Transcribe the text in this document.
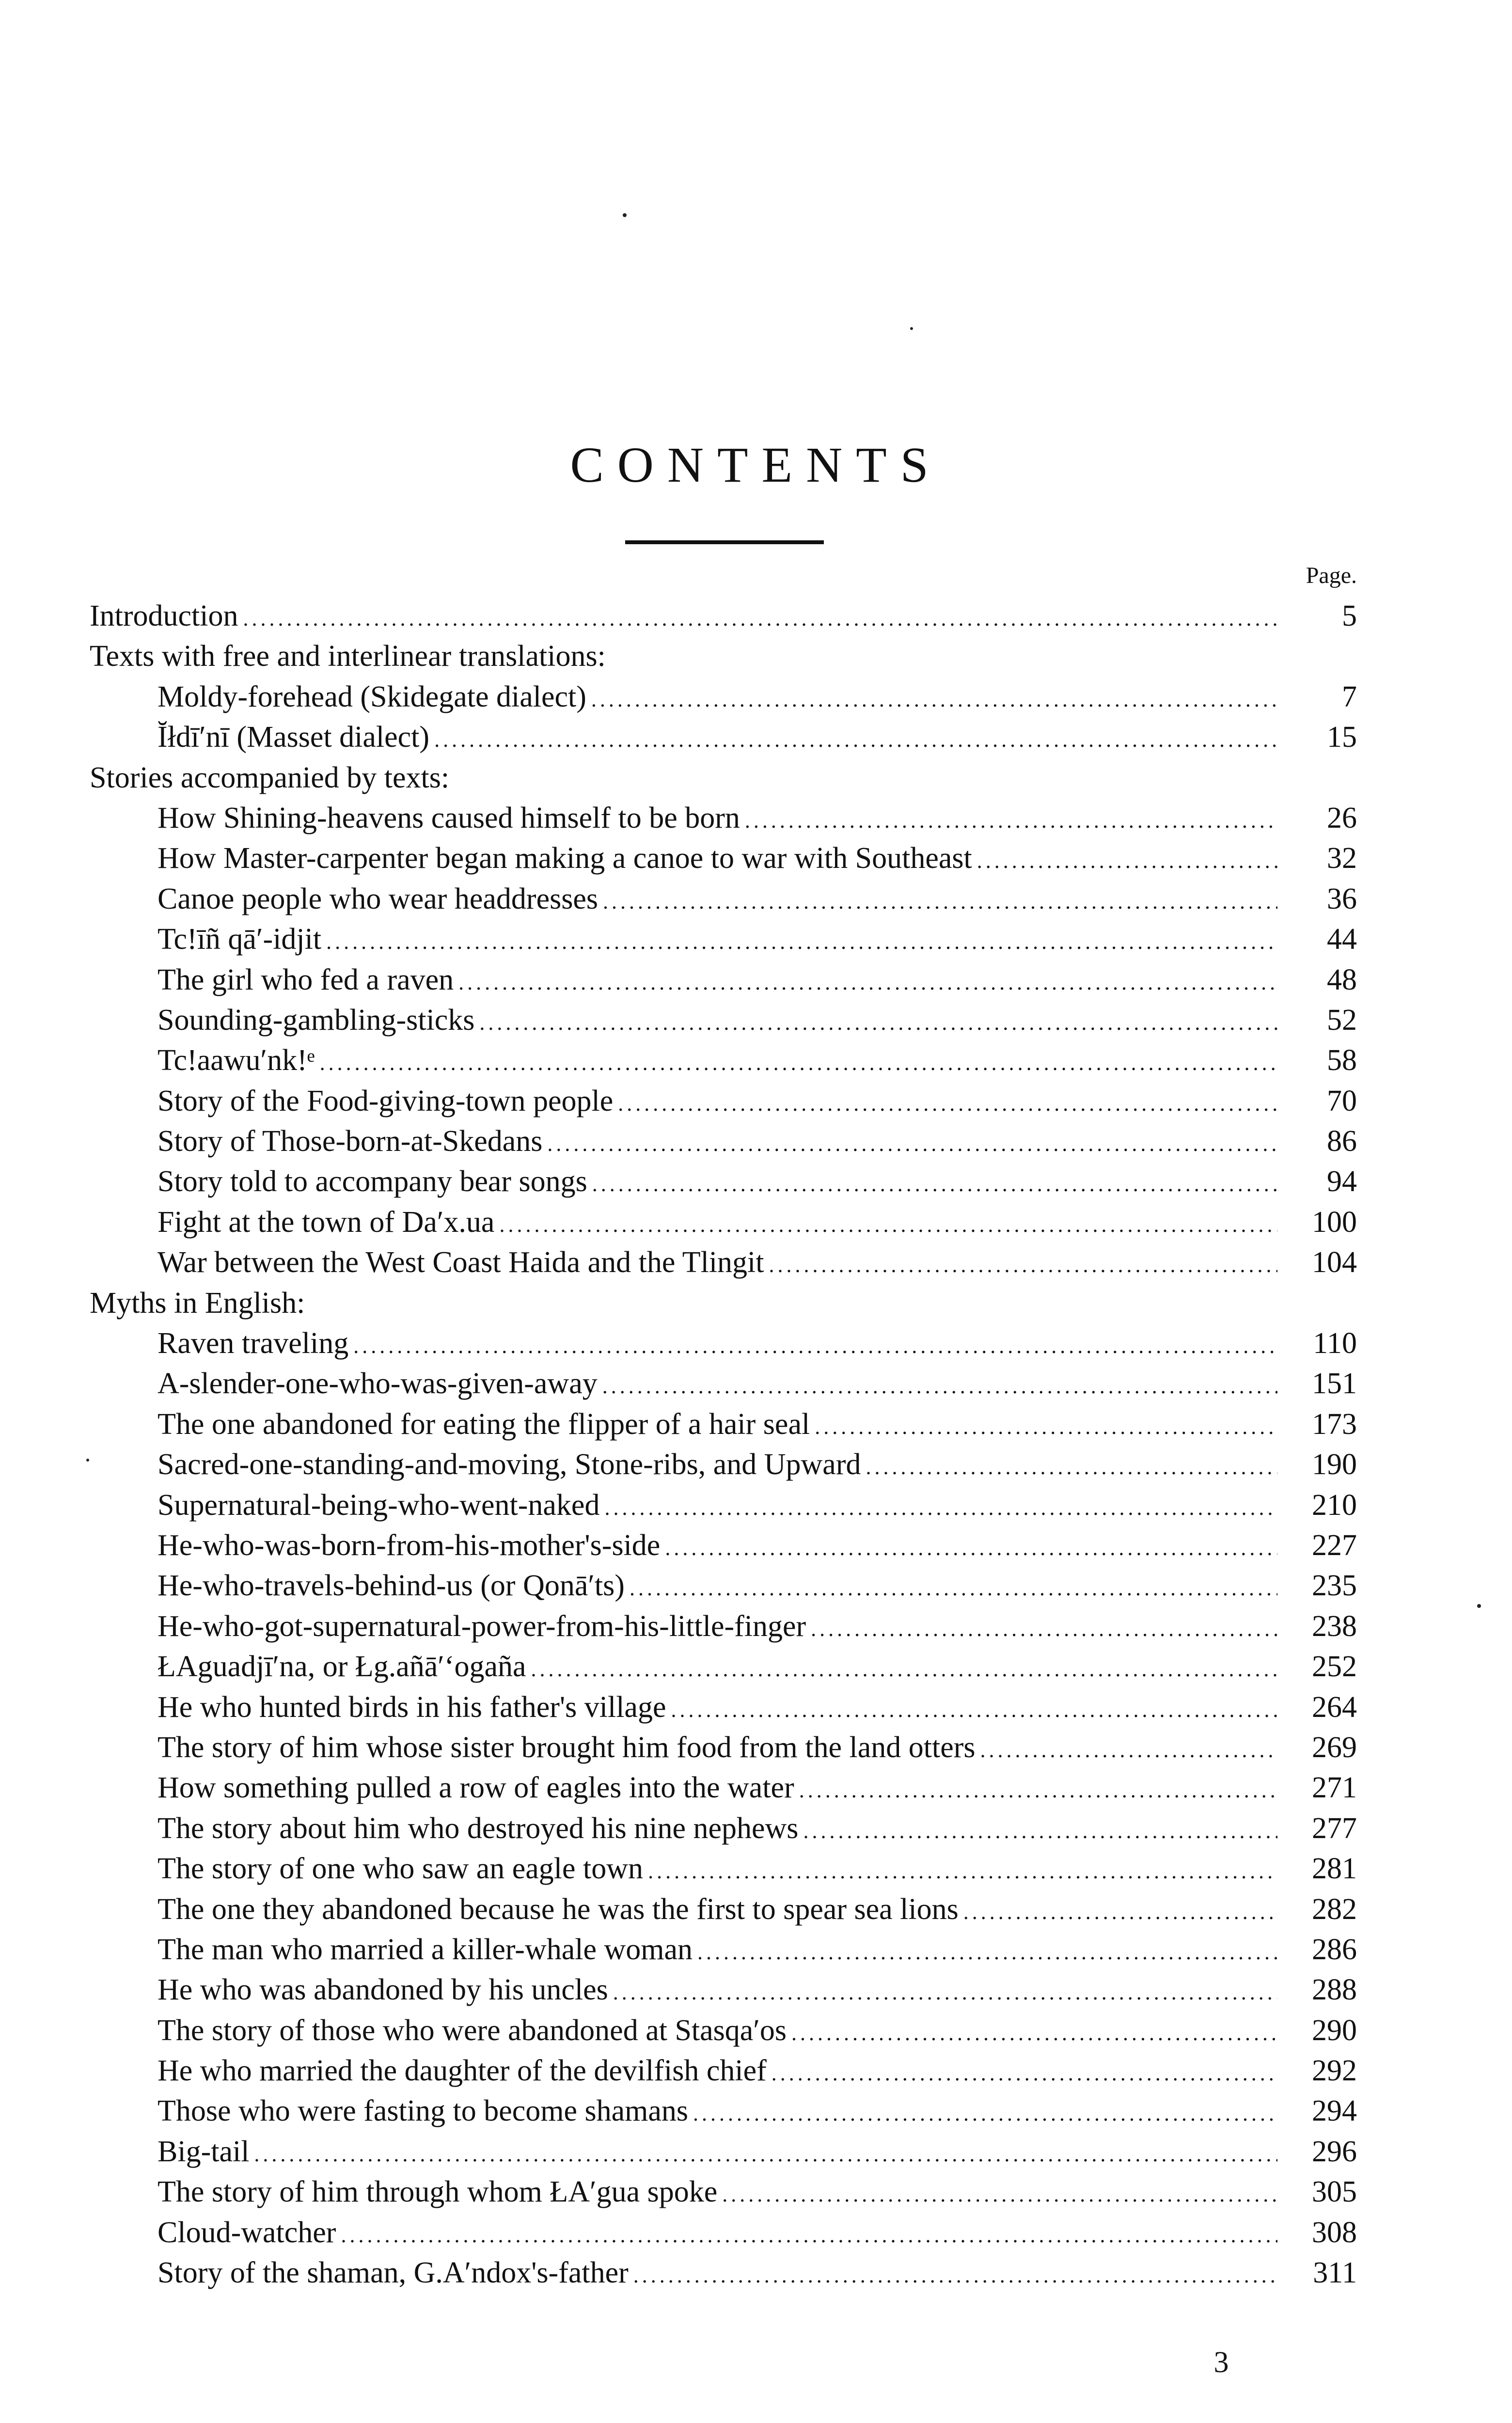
CONTENTS
Page.
Introduction . . .	5
Texts with free and interlinear translations:
Moldy-forehead (Skidegate dialect) . . .	7
Ĭłdī′nī (Masset dialect) . . .	15
Stories accompanied by texts:
How Shining-heavens caused himself to be born . . .	26
How Master-carpenter began making a canoe to war with Southeast . . .	32
Canoe people who wear headdresses . . .	36
Tc!īñ qā′-idjit . . .	44
The girl who fed a raven . . .	48
Sounding-gambling-sticks . . .	52
Tc!aawu′nk!ᵉ . . .	58
Story of the Food-giving-town people . . .	70
Story of Those-born-at-Skedans . . .	86
Story told to accompany bear songs . . .	94
Fight at the town of Da′x.ua . . .	100
War between the West Coast Haida and the Tlingit . . .	104
Myths in English:
Raven traveling . . .	110
A-slender-one-who-was-given-away . . .	151
The one abandoned for eating the flipper of a hair seal . . .	173
Sacred-one-standing-and-moving, Stone-ribs, and Upward . . .	190
Supernatural-being-who-went-naked . . .	210
He-who-was-born-from-his-mother's-side . . .	227
He-who-travels-behind-us (or Qonā′ts) . . .	235
He-who-got-supernatural-power-from-his-little-finger . . .	238
ŁAguadjī′na, or Łg.añā′ʻogaña . . .	252
He who hunted birds in his father's village . . .	264
The story of him whose sister brought him food from the land otters . . .	269
How something pulled a row of eagles into the water . . .	271
The story about him who destroyed his nine nephews . . .	277
The story of one who saw an eagle town . . .	281
The one they abandoned because he was the first to spear sea lions . . .	282
The man who married a killer-whale woman . . .	286
He who was abandoned by his uncles . . .	288
The story of those who were abandoned at Stasqa′os . . .	290
He who married the daughter of the devilfish chief . . .	292
Those who were fasting to become shamans . . .	294
Big-tail . . .	296
The story of him through whom ŁA′gua spoke . . .	305
Cloud-watcher . . .	308
Story of the shaman, G.A′ndox's-father . . .	311
3
